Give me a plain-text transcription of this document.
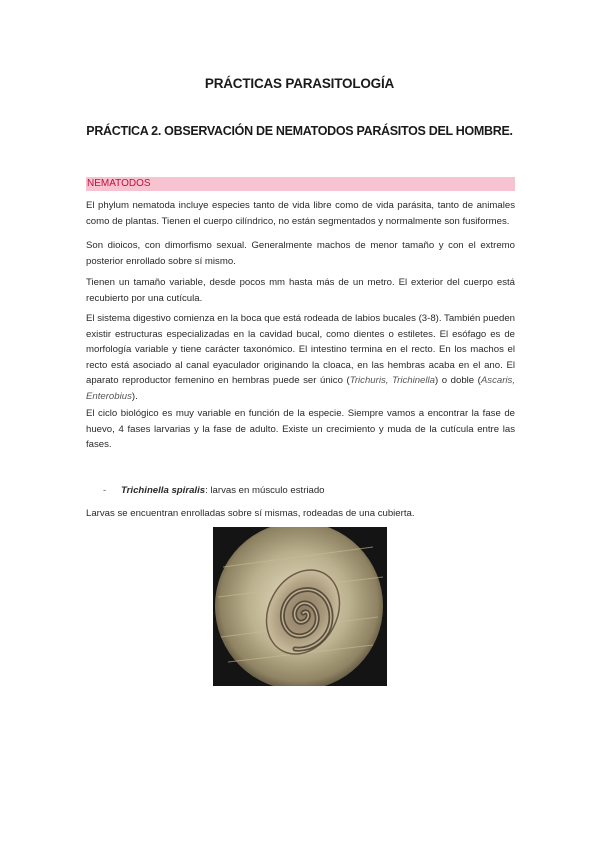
PRÁCTICAS PARASITOLOGÍA
PRÁCTICA 2. OBSERVACIÓN DE NEMATODOS PARÁSITOS DEL HOMBRE.
NEMATODOS

El phylum nematoda incluye especies tanto de vida libre como de vida parásita, tanto de animales como de plantas. Tienen el cuerpo cilíndrico, no están segmentados y normalmente son fusiformes.

Son dioicos, con dimorfismo sexual. Generalmente machos de menor tamaño y con el extremo posterior enrollado sobre sí mismo.

Tienen un tamaño variable, desde pocos mm hasta más de un metro. El exterior del cuerpo está recubierto por una cutícula.

El sistema digestivo comienza en la boca que está rodeada de labios bucales (3-8). También pueden existir estructuras especializadas en la cavidad bucal, como dientes o estiletes. El esófago es de morfología variable y tiene carácter taxonómico. El intestino termina en el recto. En los machos el recto está asociado al canal eyaculador originando la cloaca, en las hembras acaba en el ano. El aparato reproductor femenino en hembras puede ser único (Trichuris, Trichinella) o doble (Ascaris, Enterobius).

El ciclo biológico es muy variable en función de la especie. Siempre vamos a encontrar la fase de huevo, 4 fases larvarias y la fase de adulto. Existe un crecimiento y muda de la cutícula entre las fases.

- Trichinella spiralis: larvas en músculo estriado
Larvas se encuentran enrolladas sobre sí mismas, rodeadas de una cubierta.
